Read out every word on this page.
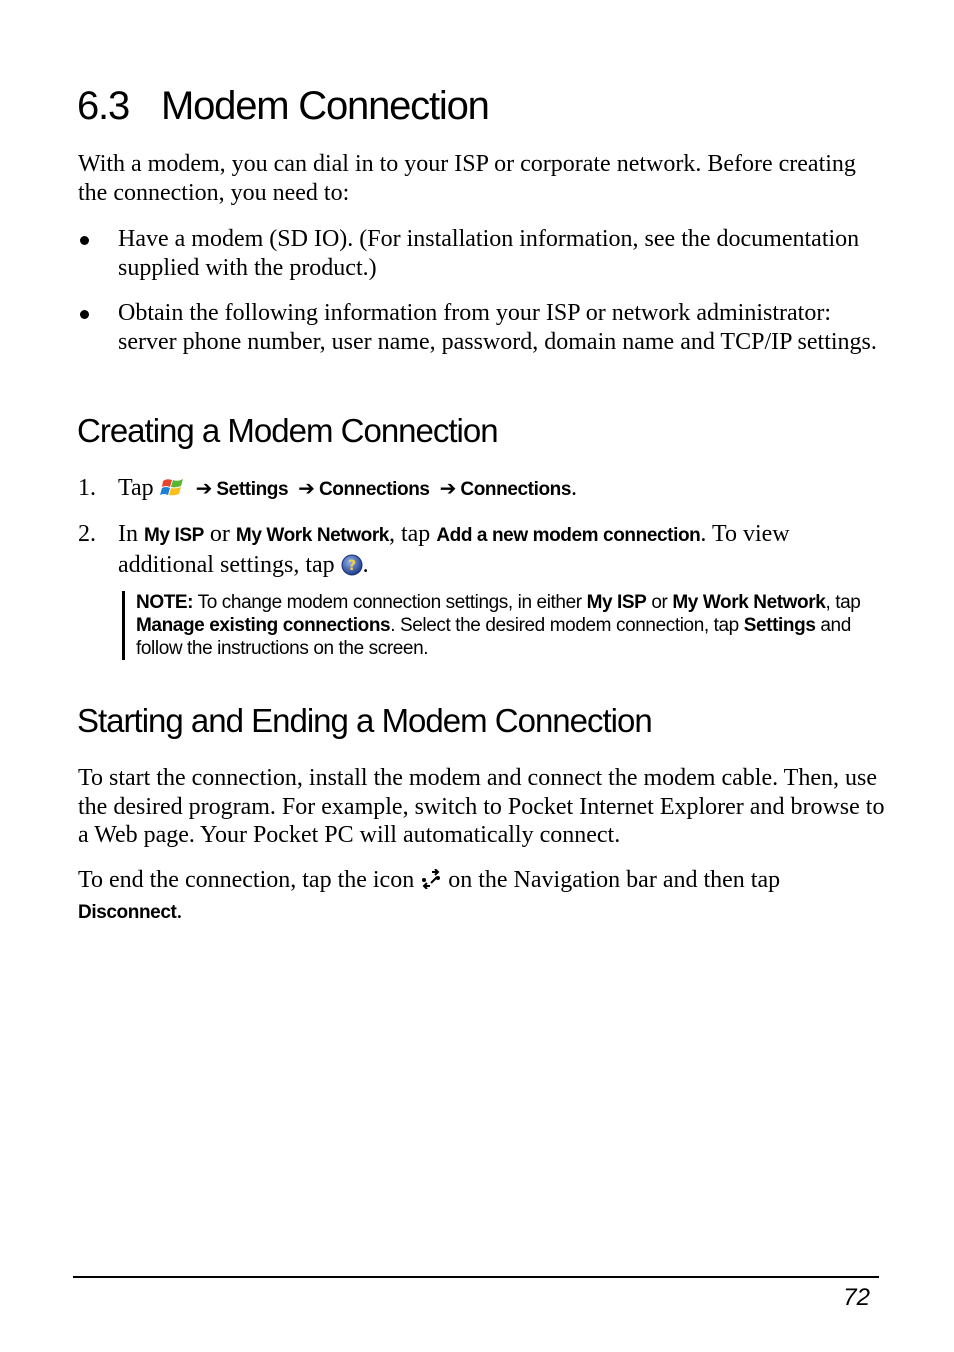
6.3 Modem Connection
With a modem, you can dial in to your ISP or corporate network. Before creating the connection, you need to:
Have a modem (SD IO). (For installation information, see the documentation supplied with the product.)
Obtain the following information from your ISP or network administrator: server phone number, user name, password, domain name and TCP/IP settings.
Creating a Modem Connection
1. Tap ➔ Settings ➔ Connections ➔ Connections.
2. In My ISP or My Work Network, tap Add a new modem connection. To view additional settings, tap ? .
NOTE: To change modem connection settings, in either My ISP or My Work Network, tap Manage existing connections. Select the desired modem connection, tap Settings and follow the instructions on the screen.
Starting and Ending a Modem Connection
To start the connection, install the modem and connect the modem cable. Then, use the desired program. For example, switch to Pocket Internet Explorer and browse to a Web page. Your Pocket PC will automatically connect.
To end the connection, tap the icon on the Navigation bar and then tap
Disconnect.
72
